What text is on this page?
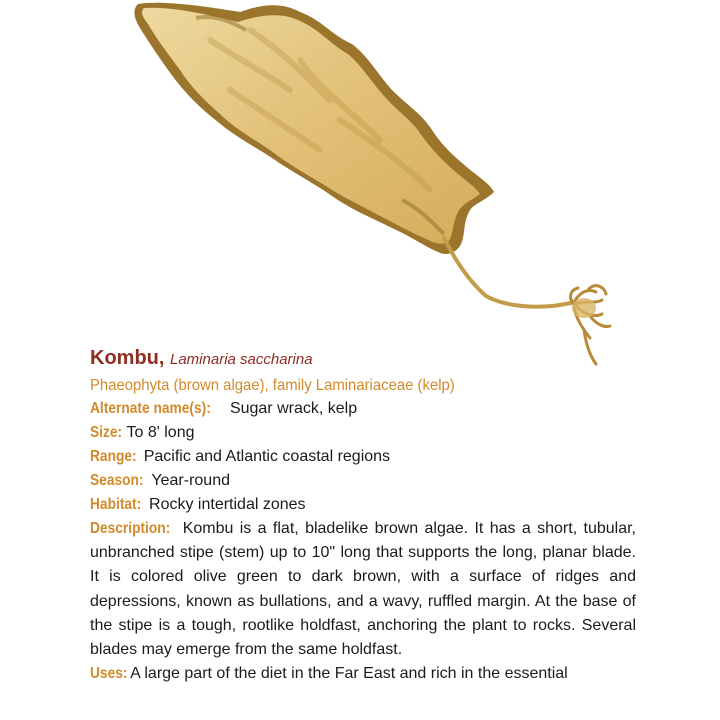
Kombu, Laminaria saccharina

Phaeophyta (brown algae), family Laminariaceae (kelp)

Alternate name(s): Sugar wrack, kelp

Size: To 8' long

Range: Pacific and Atlantic coastal regions

Season: Year-round

Habitat: Rocky intertidal zones

Description: Kombu is a flat, bladelike brown algae. It has a short, tubular, unbranched stipe (stem) up to 10" long that supports the long, planar blade. It is colored olive green to dark brown, with a surface of ridges and depressions, known as bullations, and a wavy, ruffled margin. At the base of the stipe is a tough, rootlike holdfast, anchoring the plant to rocks. Several blades may emerge from the same holdfast.

Uses: A large part of the diet in the Far East and rich in the essential
